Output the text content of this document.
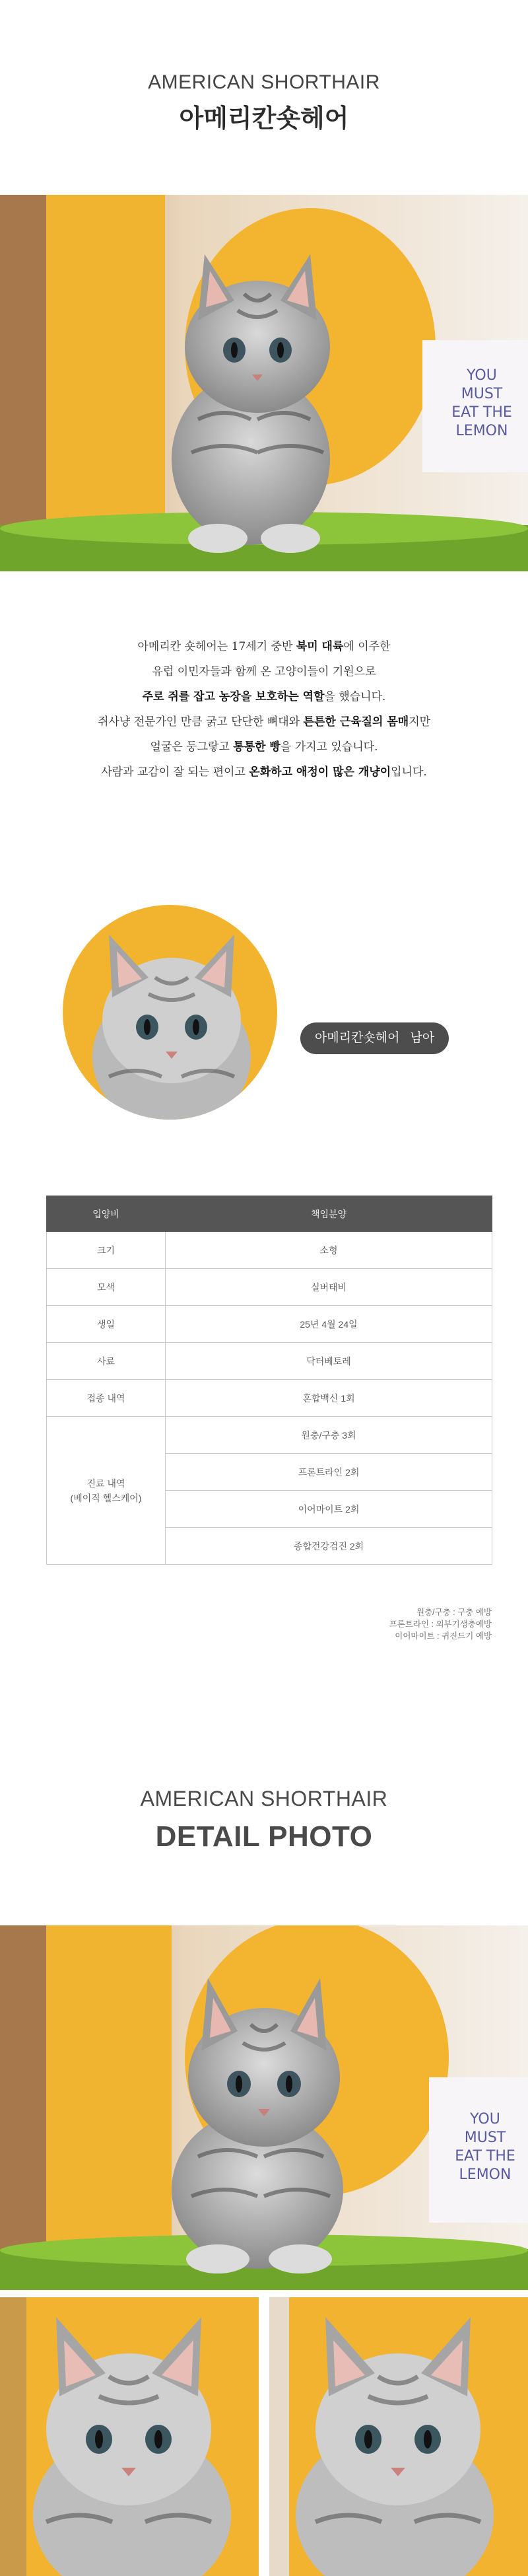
AMERICAN SHORTHAIR
아메리칸숏헤어
YOU
MUST
EAT THE
LEMON

아메리칸 숏헤어는 17세기 중반 북미 대륙에 이주한

유럽 이민자들과 함께 온 고양이들이 기원으로

주로 쥐를 잡고 농장을 보호하는 역할을 했습니다.

쥐사냥 전문가인 만큼 굵고 단단한 뼈대와 튼튼한 근육질의 몸매지만

얼굴은 둥그랗고 통통한 빵을 가지고 있습니다.

사람과 교감이 잘 되는 편이고 온화하고 애정이 많은 개냥이입니다.

아메리칸숏헤어 남아
입양비	책임분양
크기	소형
모색	실버태비
생일	25년 4월 24일
사료	닥터베토레
접종 내역	혼합백신 1회

진료 내역
(베이직 헬스케어)	원충/구충 3회
	프론트라인 2회
	이어마이트 2회
	종합건강검진 2회
원충/구충 : 구충 예방
프론트라인 : 외부기생충예방
이어마이트 : 귀진드기 예방
AMERICAN SHORTHAIR
DETAIL PHOTO
YOU
MUST
EAT THE
LEMON
